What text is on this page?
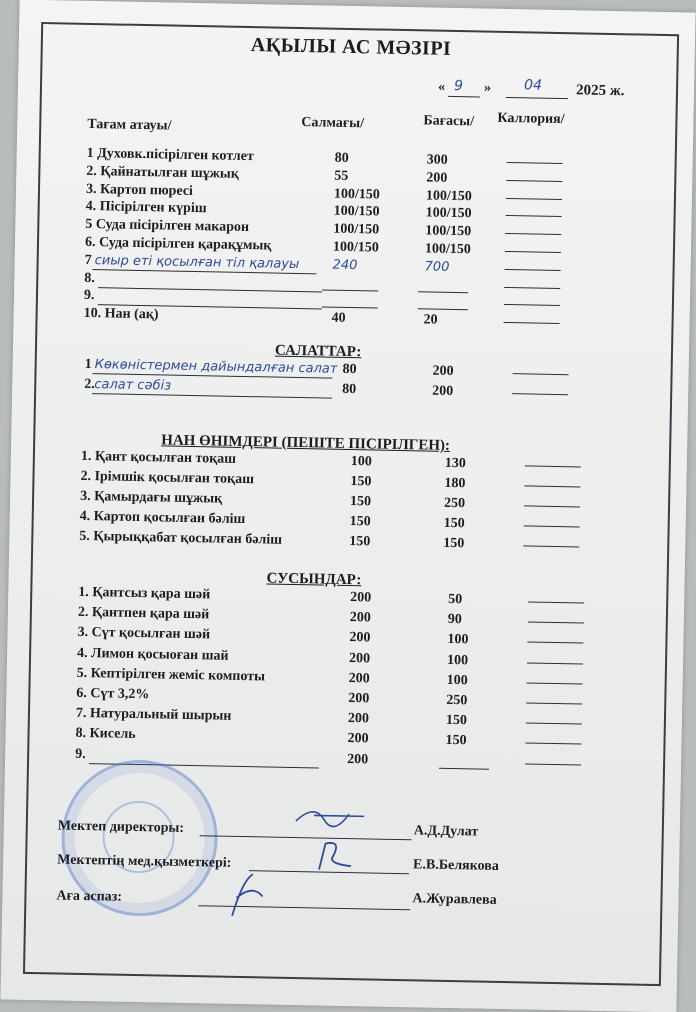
АҚЫЛЫ АС МӘЗІРІ
« 9 » 04 2025 ж.
Тағам атауы/	Салмағы/	Бағасы/ Каллория/
1 Духовк.пісірілген котлет	80	300
2. Қайнатылған шұжық	55	200
3. Картоп пюресі	100/150	100/150
4. Пісірілген күріш	100/150	100/150
5 Суда пісірілген макарон	100/150	100/150
6. Суда пісірілген қарақұмық	100/150	100/150
7 сиыр еті қосылған тіл қалауы	240	700
8.
9.
10. Нан (ақ)	40	20
САЛАТТАР:
1 Көкөністермен дайындалған салат 80	200
2. салат сәбіз	80	200
НАН ӨНІМДЕРІ (ПЕШТЕ ПІСІРІЛГЕН):
1. Қант қосылған тоқаш	100	130
2. Ірімшік қосылған тоқаш	150	180
3. Қамырдағы шұжық	150	250
4. Картоп қосылған бәліш	150	150
5. Қырыққабат қосылған бәліш	150	150
СУСЫНДАР:
1. Қантсыз қара шәй	200	50
2. Қантпен қара шәй	200	90
3. Сүт қосылған шәй	200	100
4. Лимон қосыоған шай	200	100
5. Кептірілген жеміс компоты	200	100
6. Сүт 3,2%	200	250
7. Натуральный шырын	200	150
8. Кисель	200	150
9.	200
Мектеп директоры:	А.Д.Дулат
Мектептің мед.қызметкері:	Е.В.Белякова
Аға аспаз:	А.Журавлева
